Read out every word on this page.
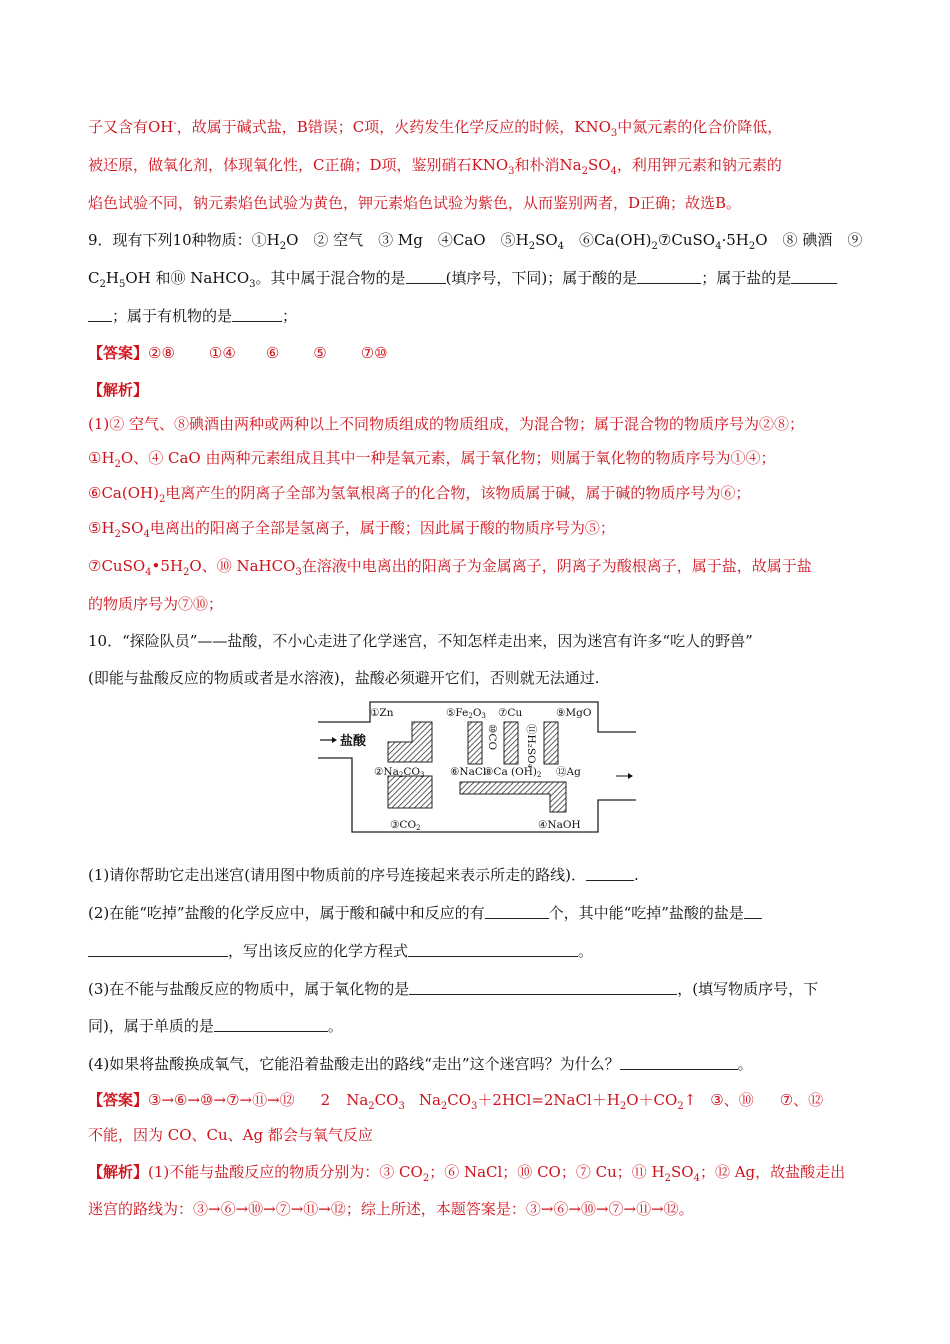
子又含有OH-，故属于碱式盐，B错误；C项，火药发生化学反应的时候，$KNO_3$中氮元素的化合价降低，
被还原，做氧化剂，体现氧化性，C正确；D项，鉴别硝石$KNO_3$和朴消$Na_2SO_4$，利用钾元素和钠元素的
焰色试验不同，钠元素焰色试验为黄色，钾元素焰色试验为紫色，从而鉴别两者，D正确；故选B。
9．现有下列10种物质：$①H_2O$　② 空气　③ Mg　④CaO　$⑤H_2SO_4$　$⑥Ca(OH)_2⑦CuSO_4\cdot 5H_2O$　⑧ 碘酒　⑨
$C_2H_5OH$ 和⑩ NaHCO$_3$。其中属于混合物的是	(填序号，下同)；属于酸的是	；属于盐的是
；属于有机物的是	；
【答案】②⑧ ①④ ⑥ ⑤ ⑦⑩
【解析】
(1)② 空气、⑧碘酒由两种或两种以上不同物质组成的物质组成，为混合物；属于混合物的物质序号为②⑧；
$①H_2O$、④ CaO 由两种元素组成且其中一种是氧元素，属于氧化物；则属于氧化物的物质序号为①④；
$⑥Ca(OH)_2$电离产生的阴离子全部为氢氧根离子的化合物，该物质属于碱，属于碱的物质序号为⑥；
$⑤H_2SO_4$电离出的阳离子全部是氢离子，属于酸；因此属于酸的物质序号为⑤；
$⑦CuSO_4•5H_2O$、⑩ NaHCO$_3$在溶液中电离出的阳离子为金属离子，阴离子为酸根离子，属于盐，故属于盐
的物质序号为⑦⑩；
10．“探险队员”——盐酸，不小心走进了化学迷宫，不知怎样走出来，因为迷宫有许多“吃人的野兽”
(即能与盐酸反应的物质或者是水溶液)，盐酸必须避开它们，否则就无法通过.
盐酸
①Zn
②Na2CO3
③CO2	④NaOH
⑤Fe2O3 ⑦Cu	⑨MgO
⑩CO	⑪H₂SO₄
⑥NaCl
⑧Ca (OH)2 ⑫Ag
(1)请你帮助它走出迷宫(请用图中物质前的序号连接起来表示所走的路线)．	.
(2)在能“吃掉”盐酸的化学反应中，属于酸和碱中和反应的有	个，其中能“吃掉”盐酸的盐是
，写出该反应的化学方程式	。
(3)在不能与盐酸反应的物质中，属于氧化物的是	，(填写物质序号，下
同)，属于单质的是	。
(4)如果将盐酸换成氧气，它能沿着盐酸走出的路线“走出”这个迷宫吗？为什么？	。
【答案】③→⑥→⑩→⑦→⑪→⑫ 2 $Na_2CO_3$ $Na_2CO_3+2HCl=2NaCl+H_2O+CO_2↑$ ③、⑩ ⑦、⑫
不能，因为 CO、Cu、Ag 都会与氧气反应
【解析】(1)不能与盐酸反应的物质分别为：③ $CO_2$；⑥ NaCl；⑩ CO；⑦ Cu；⑪ $H_2SO_4$；⑫ Ag，故盐酸走出
迷宫的路线为：③→⑥→⑩→⑦→⑪→⑫；综上所述，本题答案是：③→⑥→⑩→⑦→⑪→⑫。
